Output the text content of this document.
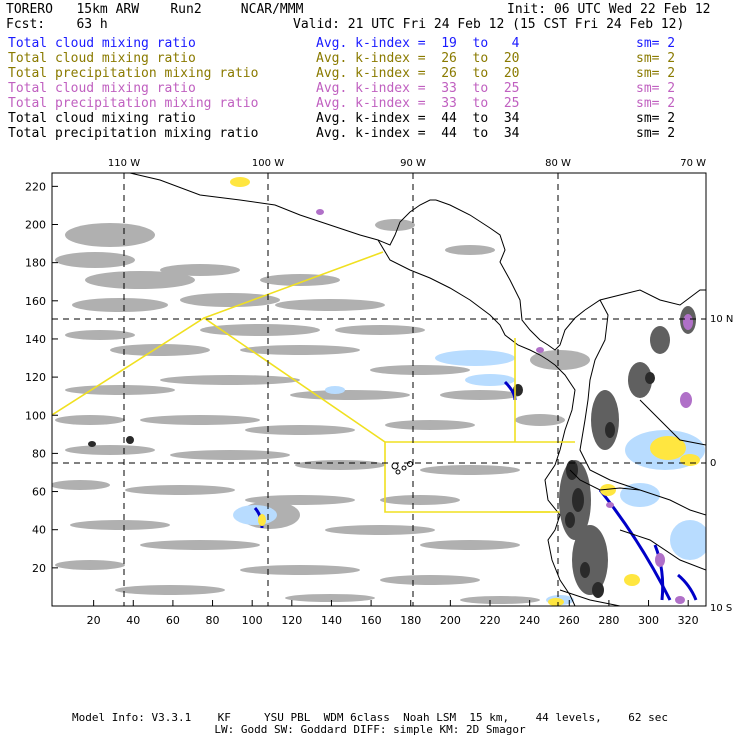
TORERO   15km ARW    Run2     NCAR/MMM	Init: 06 UTC Wed 22 Feb 12
Fcst:    63 h	Valid: 21 UTC Fri 24 Feb 12 (15 CST Fri 24 Feb 12)
Total cloud mixing ratio	Avg. k-index =  19  to   4	sm= 2
Total cloud mixing ratio	Avg. k-index =  26  to  20	sm= 2
Total precipitation mixing ratio	Avg. k-index =  26  to  20	sm= 2
Total cloud mixing ratio	Avg. k-index =  33  to  25	sm= 2
Total precipitation mixing ratio	Avg. k-index =  33  to  25	sm= 2
Total cloud mixing ratio	Avg. k-index =  44  to  34	sm= 2
Total precipitation mixing ratio	Avg. k-index =  44  to  34	sm= 2
20 40 60 80 100 120 140 160 180 200 220 240 260 280 300 320
220
200
180
160
140
120
100
80
60
40
20
110 W	100 W	90 W	80 W	70 W
10 N
0
10 S
Model Info: V3.3.1    KF     YSU PBL  WDM 6class  Noah LSM  15 km,    44 levels,    62 sec
LW: Godd SW: Goddard DIFF: simple KM: 2D Smagor
